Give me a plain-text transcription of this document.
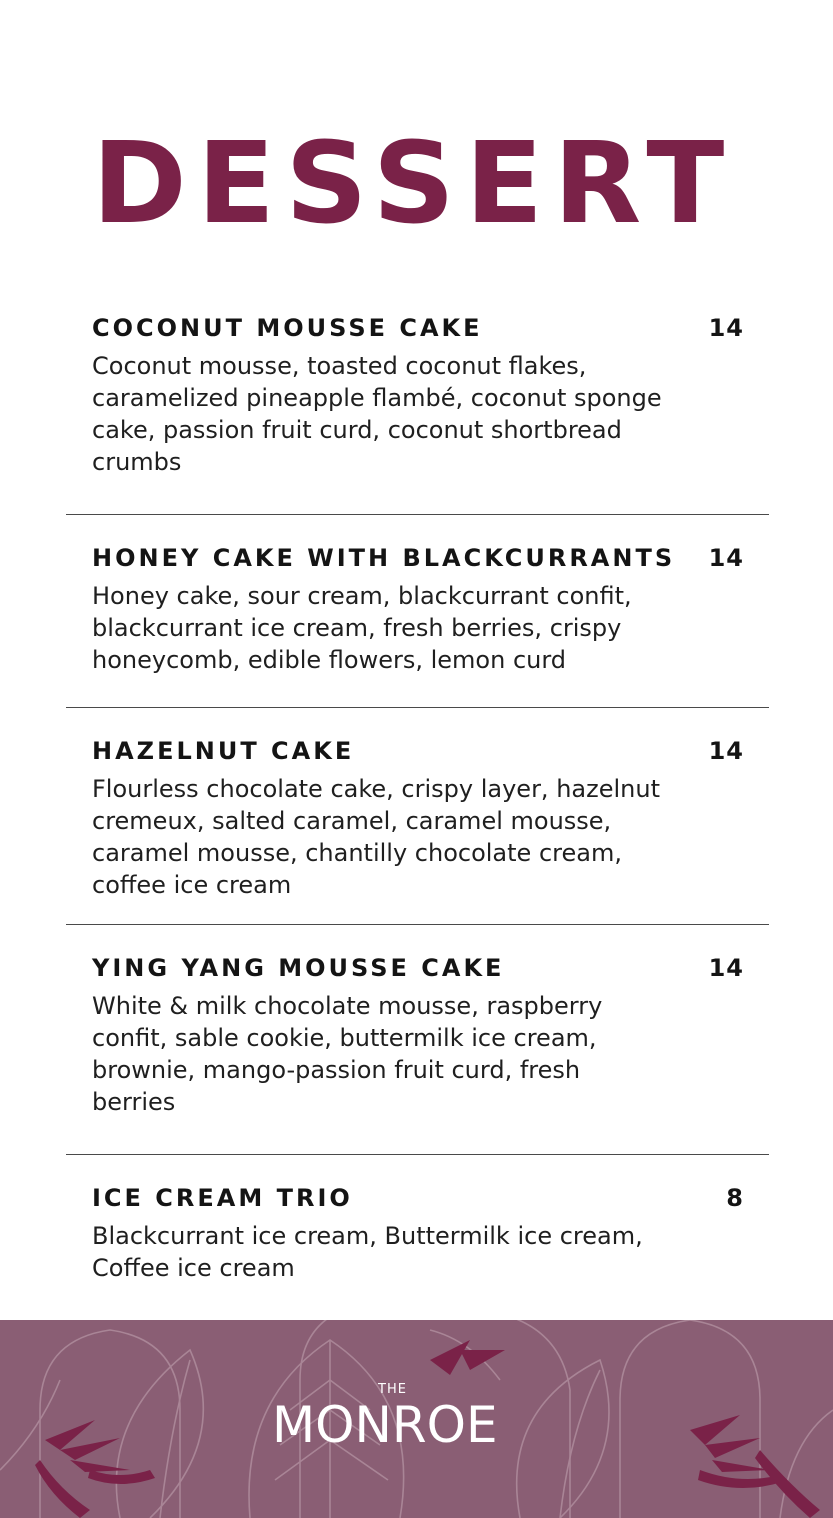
DESSERT
COCONUT MOUSSE CAKE	14
Coconut mousse, toasted coconut flakes, caramelized pineapple flambé, coconut sponge cake, passion fruit curd, coconut shortbread crumbs
HONEY CAKE WITH BLACKCURRANTS 14
Honey cake, sour cream, blackcurrant confit, blackcurrant ice cream, fresh berries, crispy honeycomb, edible flowers, lemon curd
HAZELNUT CAKE	14
Flourless chocolate cake, crispy layer, hazelnut cremeux, salted caramel, caramel mousse, caramel mousse, chantilly chocolate cream, coffee ice cream
YING YANG MOUSSE CAKE	14
White & milk chocolate mousse, raspberry confit, sable cookie, buttermilk ice cream, brownie, mango-passion fruit curd, fresh berries
ICE CREAM TRIO	8
Blackcurrant ice cream, Buttermilk ice cream, Coffee ice cream
THE
MONROE
